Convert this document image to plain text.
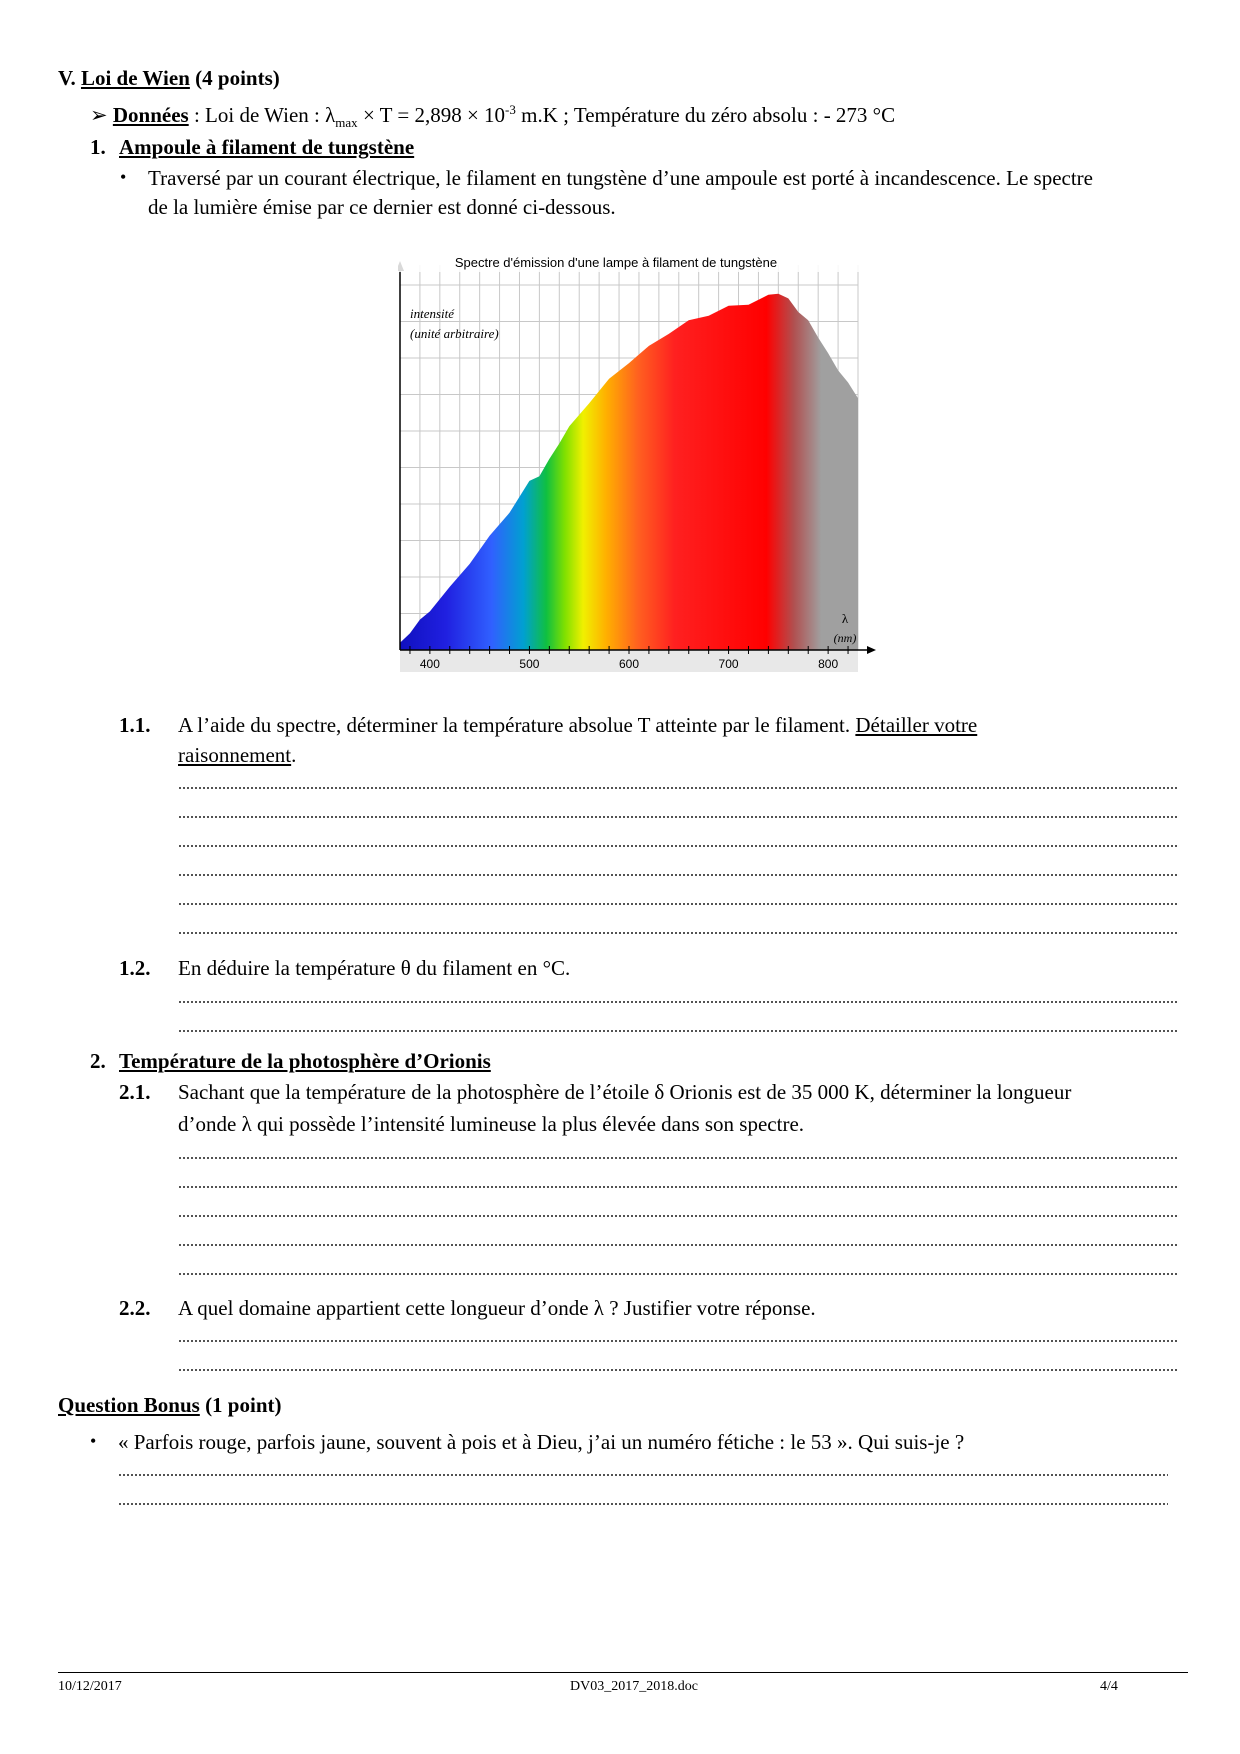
V. Loi de Wien (4 points)
➢ Données : Loi de Wien : $\lambda_{max} \times T = 2,898 \times 10^{-3}$ m.K ; Température du zéro absolu : - 273 °C
1. Ampoule à filament de tungstène
• Traversé par un courant électrique, le filament en tungstène d’une ampoule est porté à incandescence. Le spectre
de la lumière émise par ce dernier est donné ci-dessous.
400	500	600	700	800
Spectre d'émission d'une lampe à filament de tungstène
intensité
(unité arbitraire)
λ
(nm)
1.1. A l’aide du spectre, déterminer la température absolue T atteinte par le filament. Détailler votre
raisonnement.
1.2. En déduire la température θ du filament en °C.
2. Température de la photosphère d’Orionis
2.1. Sachant que la température de la photosphère de l’étoile δ Orionis est de 35 000 K, déterminer la longueur
d’onde λ qui possède l’intensité lumineuse la plus élevée dans son spectre.
2.2. A quel domaine appartient cette longueur d’onde λ ? Justifier votre réponse.
Question Bonus (1 point)
• « Parfois rouge, parfois jaune, souvent à pois et à Dieu, j’ai un numéro fétiche : le 53 ». Qui suis-je ?
10/12/2017	DV03_2017_2018.doc	4/4
